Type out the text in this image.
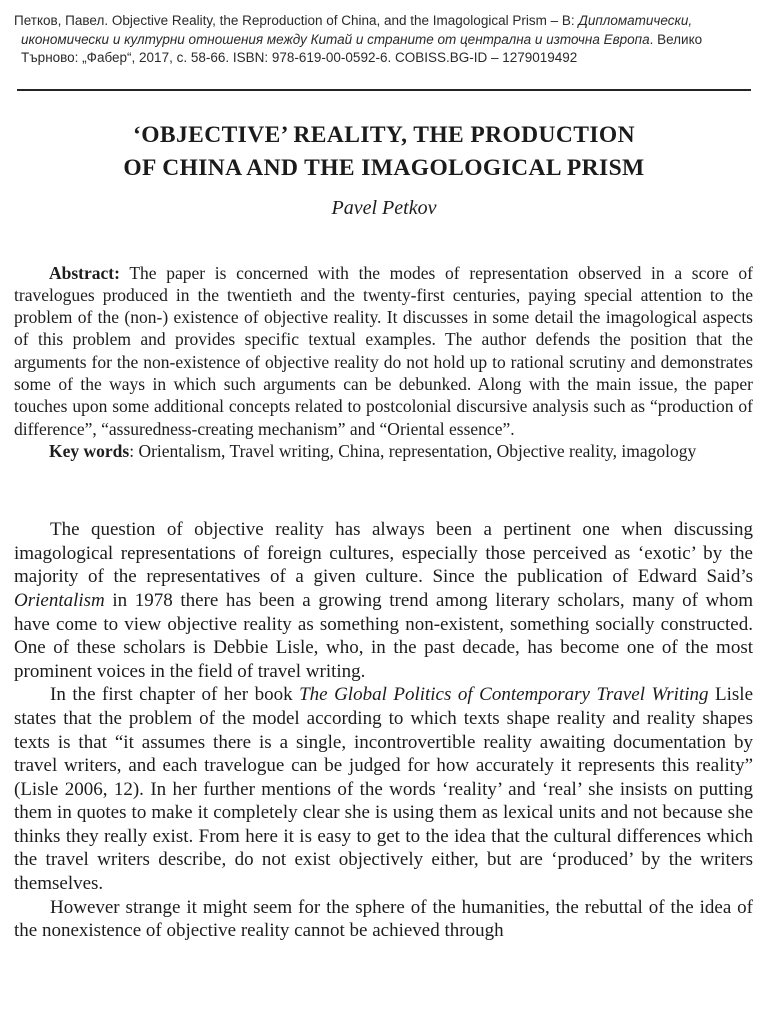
Петков, Павел. Objective Reality, the Reproduction of China, and the Imagological Prism – В: Дипломатически, икономически и културни отношения между Китай и страните от централна и източна Европа. Велико Търново: „Фабер“, 2017, с. 58-66. ISBN: 978-619-00-0592-6. COBISS.BG-ID – 1279019492

‘OBJECTIVE’ REALITY, THE PRODUCTION
OF CHINA AND THE IMAGOLOGICAL PRISM
Pavel Petkov

Abstract: The paper is concerned with the modes of representation observed in a score of travelogues produced in the twentieth and the twenty-first centuries, paying special attention to the problem of the (non-) existence of objective reality. It discusses in some detail the imagological aspects of this problem and provides specific textual examples. The author defends the position that the arguments for the non-existence of objective reality do not hold up to rational scrutiny and demonstrates some of the ways in which such arguments can be debunked. Along with the main issue, the paper touches upon some additional concepts related to postcolonial discursive analysis such as “production of difference”, “assuredness-creating mechanism” and “Oriental essence”.

Key words: Orientalism, Travel writing, China, representation, Objective reality, imagology

The question of objective reality has always been a pertinent one when discussing imagological representations of foreign cultures, especially those perceived as ‘exotic’ by the majority of the representatives of a given culture. Since the publication of Edward Said’s Orientalism in 1978 there has been a growing trend among literary scholars, many of whom have come to view objective reality as something non-existent, something socially constructed. One of these scholars is Debbie Lisle, who, in the past decade, has become one of the most prominent voices in the field of travel writing.

In the first chapter of her book The Global Politics of Contemporary Travel Writing Lisle states that the problem of the model according to which texts shape reality and reality shapes texts is that “it assumes there is a single, incontrovertible reality awaiting documentation by travel writers, and each travelogue can be judged for how accurately it represents this reality” (Lisle 2006, 12). In her further mentions of the words ‘reality’ and ‘real’ she insists on putting them in quotes to make it completely clear she is using them as lexical units and not because she thinks they really exist. From here it is easy to get to the idea that the cultural differences which the travel writers describe, do not exist objectively either, but are ‘produced’ by the writers themselves.

However strange it might seem for the sphere of the humanities, the rebuttal of the idea of the nonexistence of objective reality cannot be achieved through
